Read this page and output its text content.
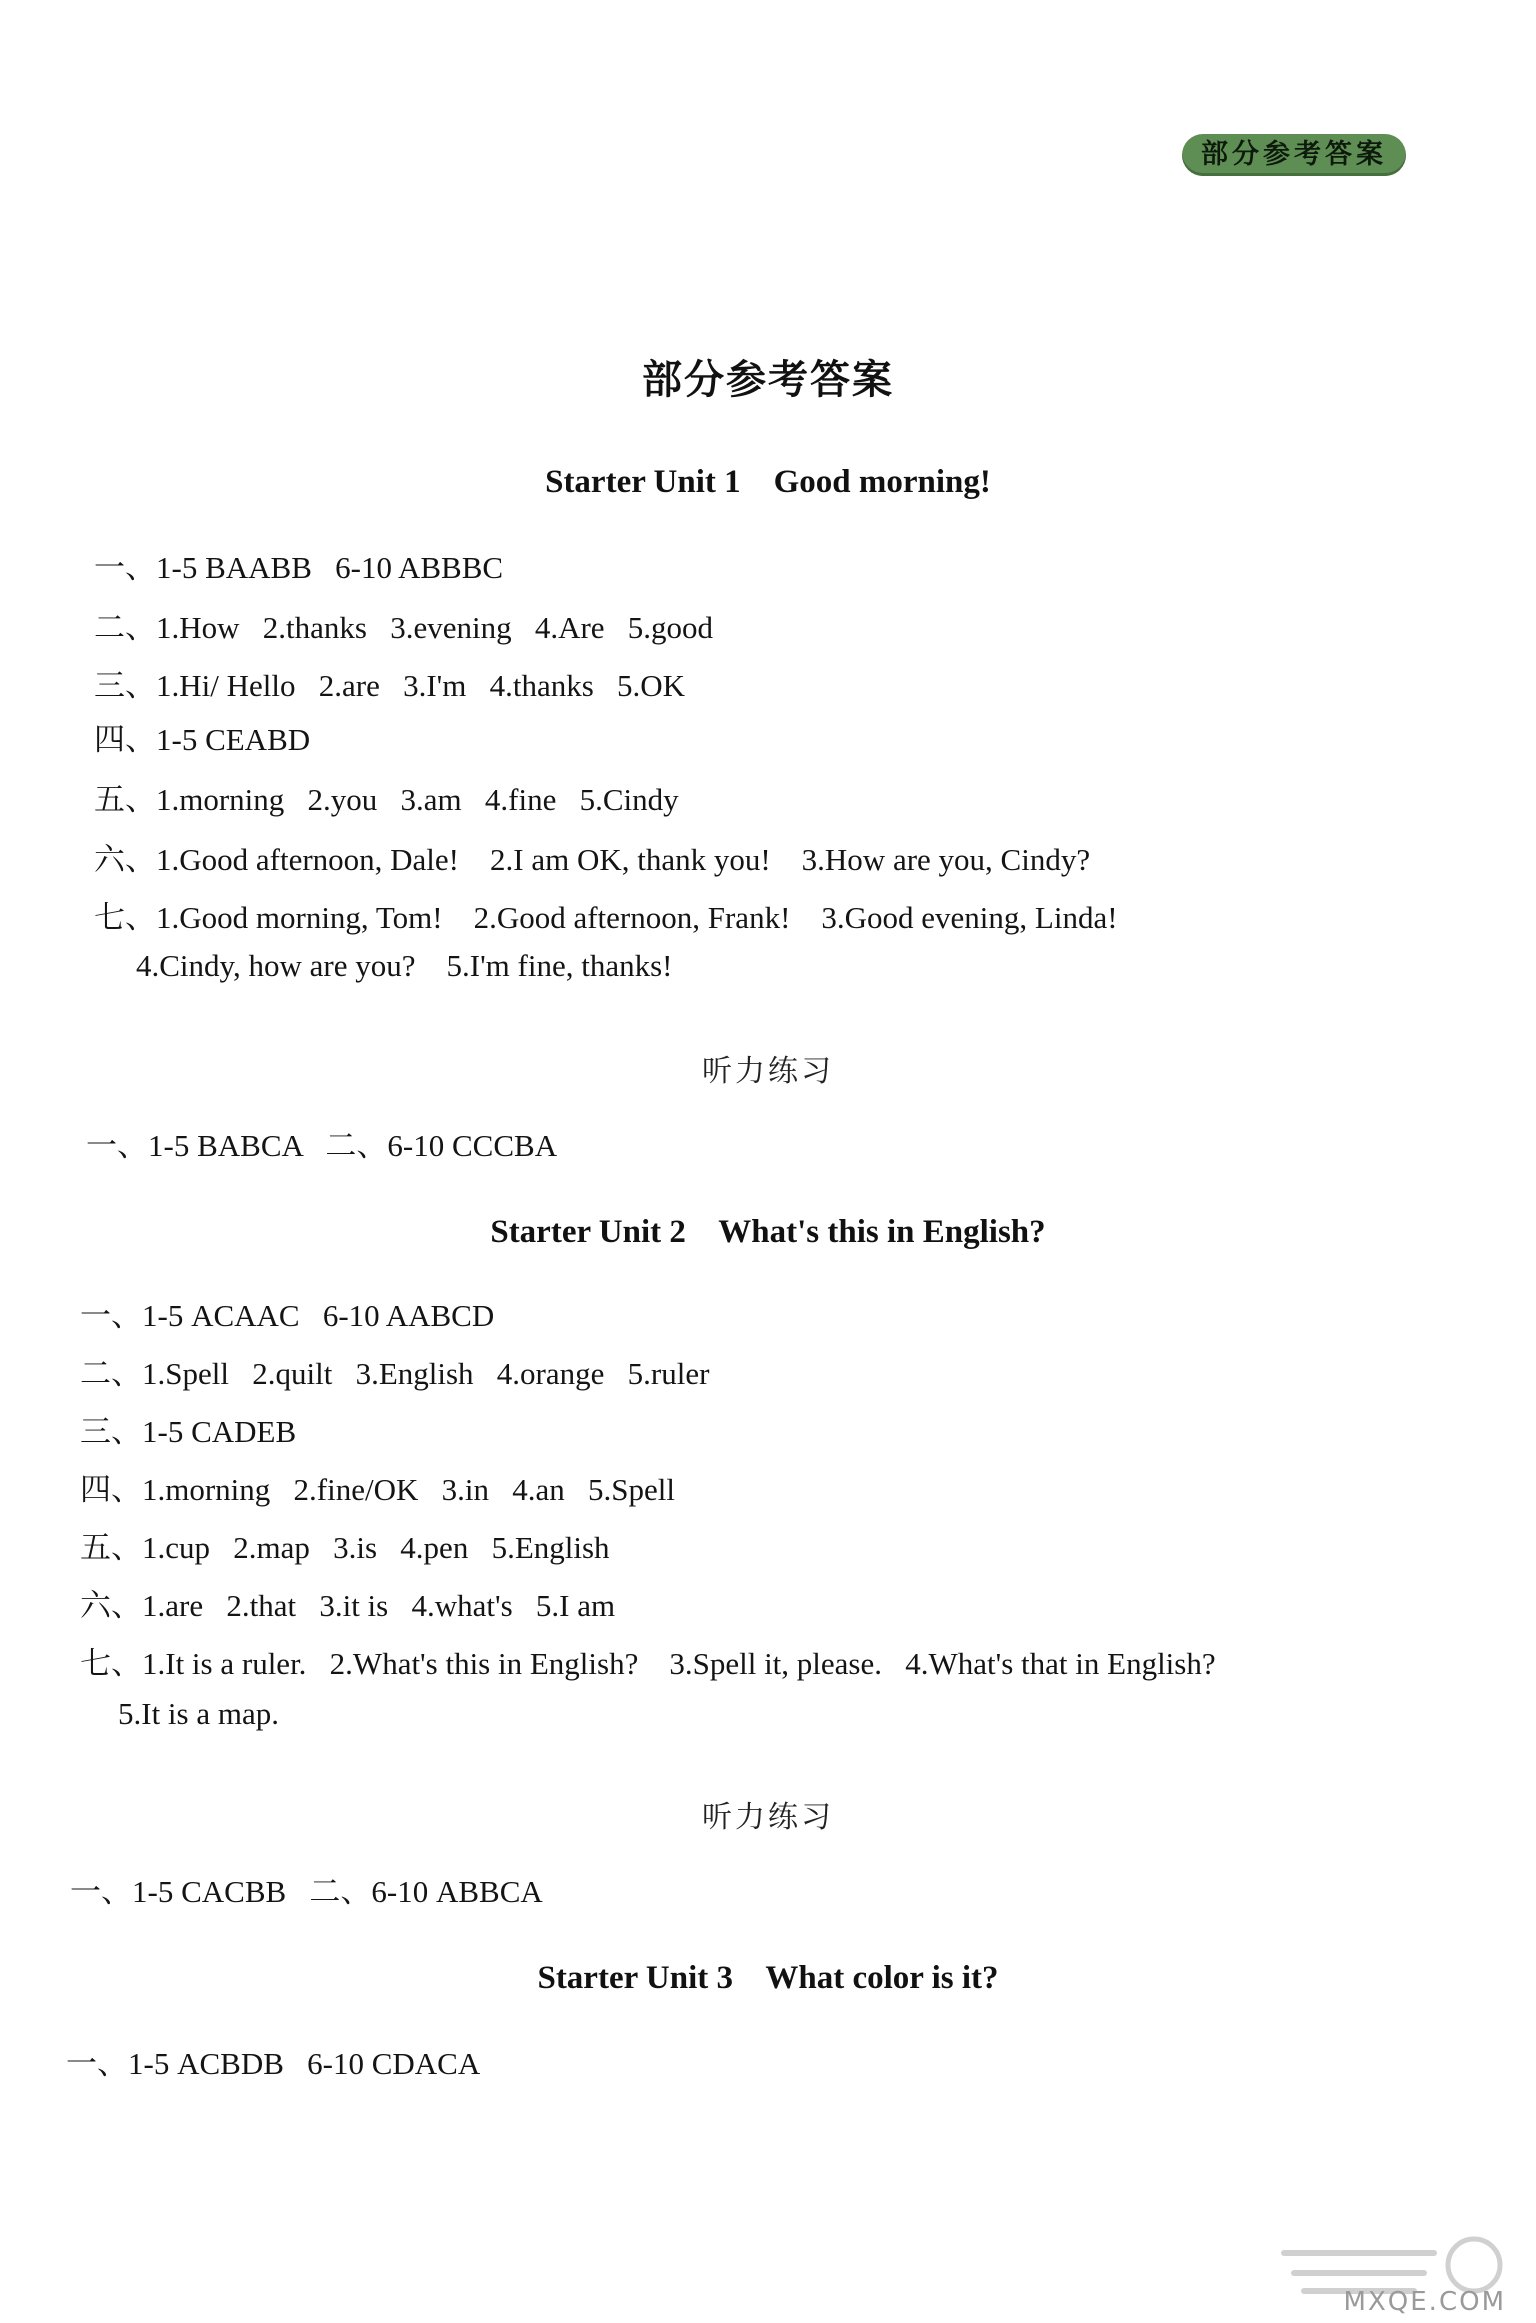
部分参考答案
部分参考答案
Starter Unit 1    Good morning!
一、1-5 BAABB   6-10 ABBBC
二、1.How   2.thanks   3.evening   4.Are   5.good
三、1.Hi/ Hello   2.are   3.I'm   4.thanks   5.OK
四、1-5 CEABD
五、1.morning   2.you   3.am   4.fine   5.Cindy
六、1.Good afternoon, Dale!    2.I am OK, thank you!    3.How are you, Cindy?
七、1.Good morning, Tom!    2.Good afternoon, Frank!    3.Good evening, Linda!
4.Cindy, how are you?    5.I'm fine, thanks!
听力练习
一、1-5 BABCA   二、6-10 CCCBA
Starter Unit 2    What's this in English?
一、1-5 ACAAC   6-10 AABCD
二、1.Spell   2.quilt   3.English   4.orange   5.ruler
三、1-5 CADEB
四、1.morning   2.fine/OK   3.in   4.an   5.Spell
五、1.cup   2.map   3.is   4.pen   5.English
六、1.are   2.that   3.it is   4.what's   5.I am
七、1.It is a ruler.   2.What's this in English?    3.Spell it, please.   4.What's that in English?
5.It is a map.
听力练习
一、1-5 CACBB   二、6-10 ABBCA
Starter Unit 3    What color is it?
一、1-5 ACBDB   6-10 CDACA
MXQE.COM
